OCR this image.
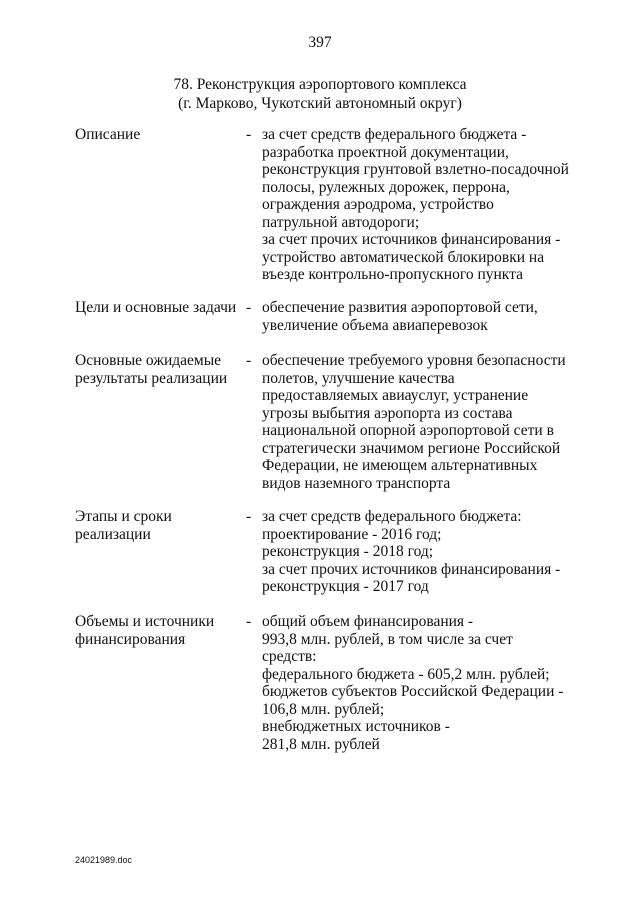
397
78. Реконструкция аэропортового комплекса
(г. Марково, Чукотский автономный округ)
Описание	- за счет средств федерального бюджета -
разработка проектной документации,
реконструкция грунтовой взлетно-посадочной
полосы, рулежных дорожек, перрона,
ограждения аэродрома, устройство
патрульной автодороги;
за счет прочих источников финансирования -
устройство автоматической блокировки на
въезде контрольно-пропускного пункта
Цели и основные задачи - обеспечение развития аэропортовой сети,
увеличение объема авиаперевозок
Основные ожидаемые
результаты реализации
- обеспечение требуемого уровня безопасности
полетов, улучшение качества
предоставляемых авиауслуг, устранение
угрозы выбытия аэропорта из состава
национальной опорной аэропортовой сети в
стратегически значимом регионе Российской
Федерации, не имеющем альтернативных
видов наземного транспорта
Этапы и сроки
реализации
- за счет средств федерального бюджета:
проектирование - 2016 год;
реконструкция - 2018 год;
за счет прочих источников финансирования -
реконструкция - 2017 год
Объемы и источники
финансирования
- общий объем финансирования -
993,8 млн. рублей, в том числе за счет
средств:
федерального бюджета - 605,2 млн. рублей;
бюджетов субъектов Российской Федерации -
106,8 млн. рублей;
внебюджетных источников -
281,8 млн. рублей
24021989.doc
